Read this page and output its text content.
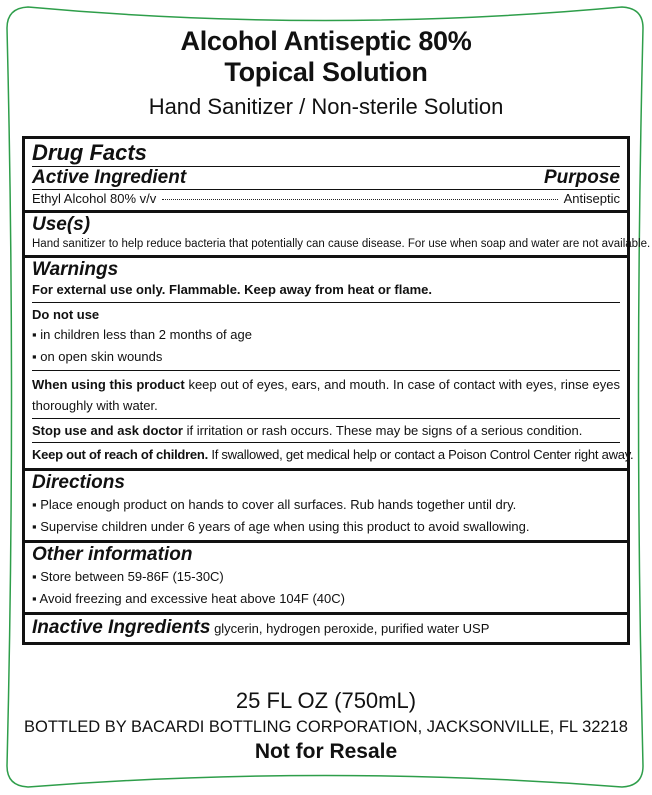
Alcohol Antiseptic 80%
Topical Solution
Hand Sanitizer / Non-sterile Solution
Drug Facts
Active Ingredient	Purpose
Ethyl Alcohol 80% v/v	Antiseptic
Use(s)
Hand sanitizer to help reduce bacteria that potentially can cause disease. For use when soap and water are not available.
Warnings
For external use only. Flammable. Keep away from heat or flame.
Do not use
▪ in children less than 2 months of age
▪ on open skin wounds
When using this product keep out of eyes, ears, and mouth. In case of contact with eyes, rinse eyes thoroughly with water.
Stop use and ask doctor if irritation or rash occurs. These may be signs of a serious condition.
Keep out of reach of children. If swallowed, get medical help or contact a Poison Control Center right away.
Directions
▪ Place enough product on hands to cover all surfaces. Rub hands together until dry.
▪ Supervise children under 6 years of age when using this product to avoid swallowing.
Other information
▪ Store between 59-86F (15-30C)
▪ Avoid freezing and excessive heat above 104F (40C)
Inactive Ingredients glycerin, hydrogen peroxide, purified water USP
25 FL OZ (750mL)
BOTTLED BY BACARDI BOTTLING CORPORATION, JACKSONVILLE, FL 32218
Not for Resale
